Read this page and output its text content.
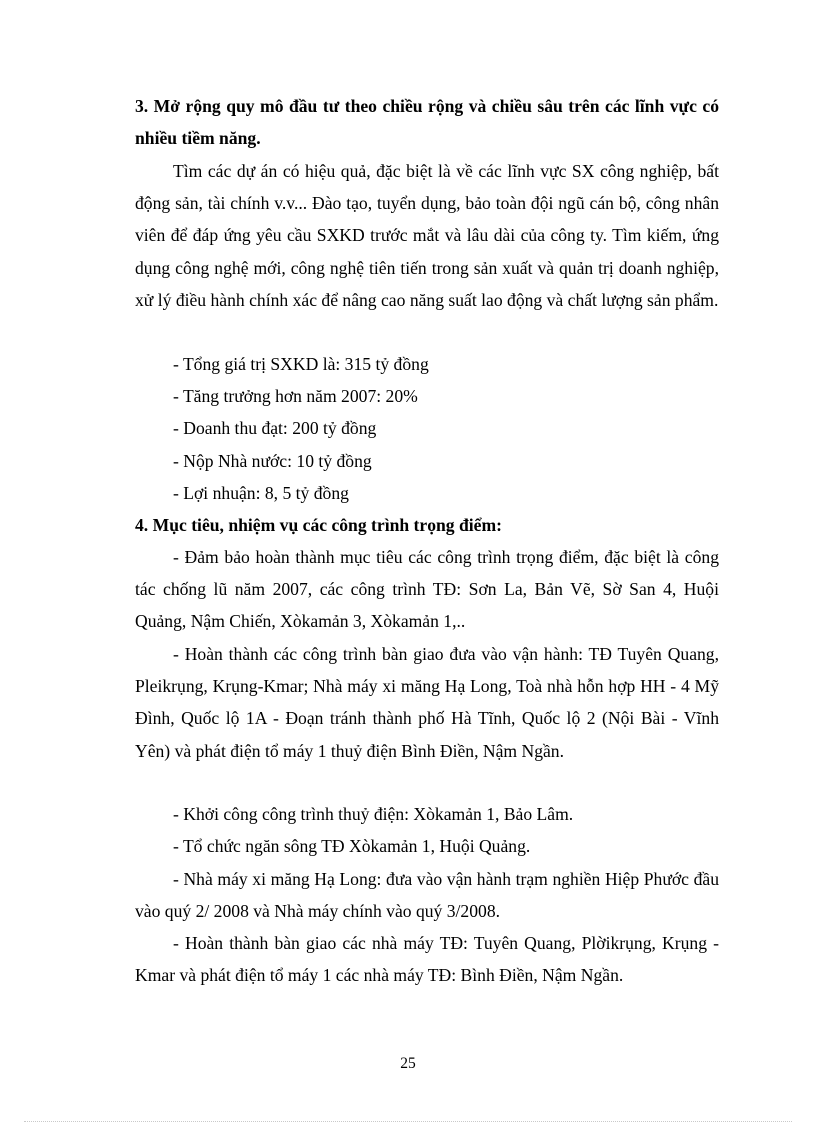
3. Mở rộng quy mô đầu tư theo chiều rộng và chiều sâu trên các lĩnh vực có nhiều tiềm năng.
Tìm các dự án có hiệu quả, đặc biệt là về các lĩnh vực SX công nghiệp, bất động sản, tài chính v.v... Đào tạo, tuyển dụng, bảo toàn đội ngũ cán bộ, công nhân viên để đáp ứng yêu cầu SXKD trước mắt và lâu dài của công ty. Tìm kiếm, ứng dụng công nghệ mới, công nghệ tiên tiến trong sản xuất và quản trị doanh nghiệp, xử lý điều hành chính xác để nâng cao năng suất lao động và chất lượng sản phẩm.
- Tổng giá trị SXKD là: 315 tỷ đồng
- Tăng trưởng hơn năm 2007: 20%
- Doanh thu đạt: 200 tỷ đồng
- Nộp Nhà nước: 10 tỷ đồng
- Lợi nhuận: 8, 5 tỷ đồng
4. Mục tiêu, nhiệm vụ các công trình trọng điểm:
- Đảm bảo hoàn thành mục tiêu các công trình trọng điểm, đặc biệt là công tác chống lũ năm 2007, các công trình TĐ: Sơn La, Bản Vẽ, Sờ San 4, Huội Quảng, Nậm Chiến, Xòkamản 3, Xòkamản 1,..
- Hoàn thành các công trình bàn giao đưa vào vận hành: TĐ Tuyên Quang, Pleikrụng, Krụng-Kmar; Nhà máy xi măng Hạ Long, Toà nhà hỗn hợp HH - 4 Mỹ Đình, Quốc lộ 1A - Đoạn tránh thành phố Hà Tĩnh, Quốc lộ 2 (Nội Bài - Vĩnh Yên) và phát điện tổ máy 1 thuỷ điện Bình Điền, Nậm Ngần.
- Khởi công công trình thuỷ điện: Xòkamản 1, Bảo Lâm.
- Tổ chức ngăn sông TĐ Xòkamản 1, Huội Quảng.
- Nhà máy xi măng Hạ Long: đưa vào vận hành trạm nghiền Hiệp Phước đầu vào quý 2/ 2008 và Nhà máy chính vào quý 3/2008.
- Hoàn thành bàn giao các nhà máy TĐ: Tuyên Quang, Plờikrụng, Krụng - Kmar và phát điện tổ máy 1 các nhà máy TĐ: Bình Điền, Nậm Ngần.
25
